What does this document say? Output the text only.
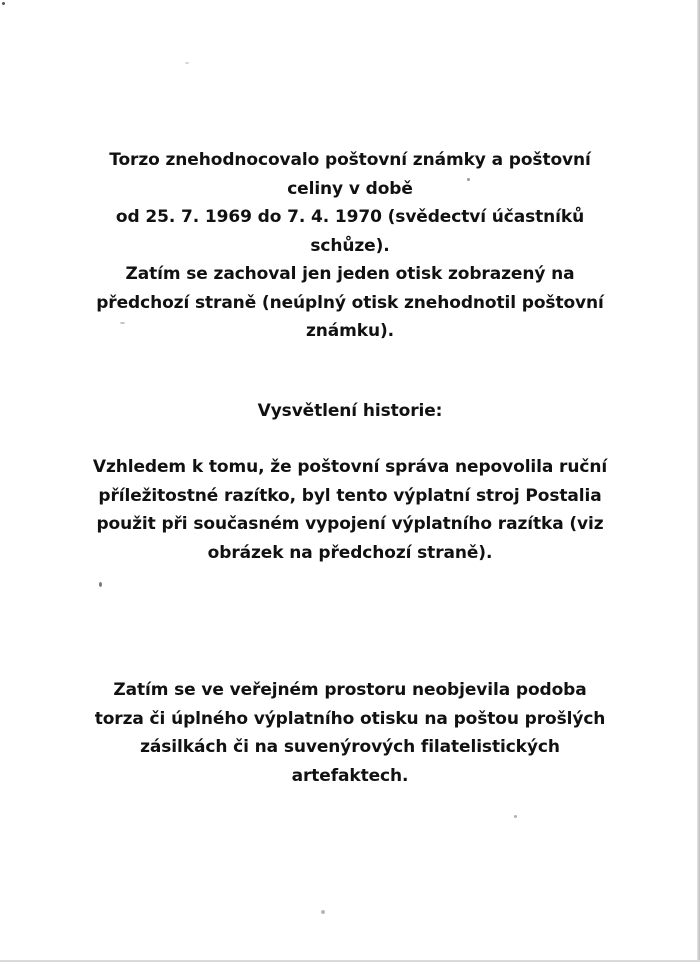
Torzo znehodnocovalo poštovní známky a poštovní
celiny v době
od 25. 7. 1969 do 7. 4. 1970 (svědectví účastníků
schůze).
Zatím se zachoval jen jeden otisk zobrazený na
předchozí straně (neúplný otisk znehodnotil poštovní
známku).
Vysvětlení historie:
Vzhledem k tomu, že poštovní správa nepovolila ruční
příležitostné razítko, byl tento výplatní stroj Postalia
použit při současném vypojení výplatního razítka (viz
obrázek na předchozí straně).
Zatím se ve veřejném prostoru neobjevila podoba
torza či úplného výplatního otisku na poštou prošlých
zásilkách či na suvenýrových filatelistických
artefaktech.
